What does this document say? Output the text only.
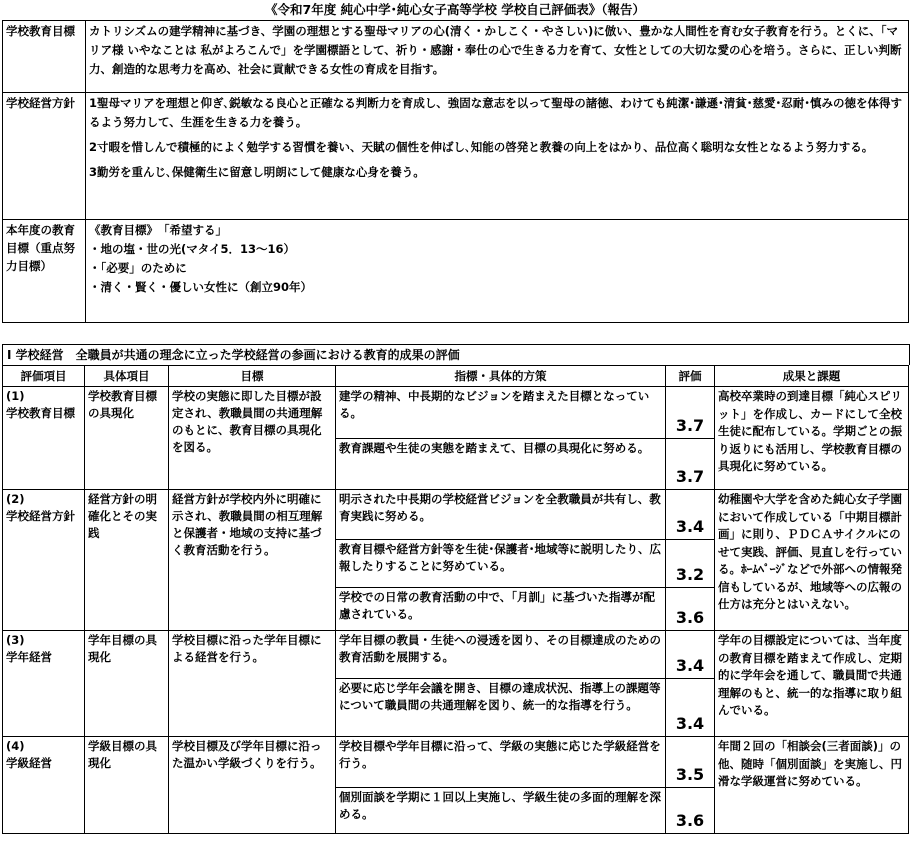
《令和7年度 純心中学･純心女子高等学校 学校自己評価表》（報告）
学校教育目標	カトリシズムの建学精神に基づき、学園の理想とする聖母マリアの心(清く・かしこく・やさしい)に倣い、豊かな人間性を育む女子教育を行う。とくに、「マリア様 いやなことは 私がよろこんで」を学園標語として、祈り・感謝・奉仕の心で生きる力を育て、女性としての大切な愛の心を培う。さらに、正しい判断力、創造的な思考力を高め、社会に貢献できる女性の育成を目指す。
学校経営方針	1聖母マリアを理想と仰ぎ､鋭敏なる良心と正確なる判断力を育成し、強固な意志を以って聖母の諸徳、わけても純潔･謙遜･清貧･慈愛･忍耐･慎みの徳を体得するよう努力して、生涯を生きる力を養う。

2寸暇を惜しんで積極的によく勉学する習慣を養い、天賦の個性を伸ばし､知能の啓発と教養の向上をはかり、品位高く聡明な女性となるよう努力する。

3勤労を重んじ､保健衛生に留意し明朗にして健康な心身を養う。

本年度の教育目標（重点努力目標）	《教育目標》　「希望する」
・地の塩・世の光(マタイ5．13～16）
・「必要」のために
・清く・賢く・優しい女性に（創立90年）
Ⅰ 学校経営　全職員が共通の理念に立った学校経営の参画における教育的成果の評価
評価項目	具体項目	目標	指標・具体的方策	評価	成果と課題
(1)
学校教育目標	学校教育目標の具現化	学校の実態に即した目標が設定され、教職員間の共通理解のもとに、教育目標の具現化を図る。	建学の精神、中長期的なビジョンを踏まえた目標となっている。	3.7	高校卒業時の到達目標「純心スピリット」を作成し、カードにして全校生徒に配布している。学期ごとの振り返りにも活用し、学校教育目標の具現化に努めている。
			教育課題や生徒の実態を踏まえて、目標の具現化に努める。	3.7	
(2)
学校経営方針	経営方針の明確化とその実践	経営方針が学校内外に明確に示され、教職員間の相互理解と保護者・地域の支持に基づく教育活動を行う。	明示された中長期の学校経営ビジョンを全教職員が共有し、教育実践に努める。	3.4	幼稚園や大学を含めた純心女子学園において作成している「中期目標計画」に則り、ＰＤＣＡサイクルにのせて実践、評価、見直しを行っている。ﾎｰﾑﾍﾟｰｼﾞなどで外部への情報発信もしているが、地域等への広報の仕方は充分とはいえない。
			教育目標や経営方針等を生徒･保護者･地域等に説明したり、広報したりすることに努めている。	3.2	
			学校での日常の教育活動の中で、「月訓」に基づいた指導が配慮されている。	3.6	
(3)
学年経営	学年目標の具現化	学校目標に沿った学年目標による経営を行う。	学年目標の教員・生徒への浸透を図り、その目標達成のための教育活動を展開する。	3.4	学年の目標設定については、当年度の教育目標を踏まえて作成し、定期的に学年会を通して、職員間で共通理解のもと、統一的な指導に取り組んでいる。
			必要に応じ学年会議を開き、目標の達成状況、指導上の課題等について職員間の共通理解を図り、統一的な指導を行う。	3.4	
(4)
学級経営	学級目標の具現化	学校目標及び学年目標に沿った温かい学級づくりを行う。	学校目標や学年目標に沿って、学級の実態に応じた学級経営を行う。	3.5	年間２回の「相談会(三者面談)」の他、随時「個別面談」を実施し、円滑な学級運営に努めている。
			個別面談を学期に１回以上実施し、学級生徒の多面的理解を深める。	3.6	
